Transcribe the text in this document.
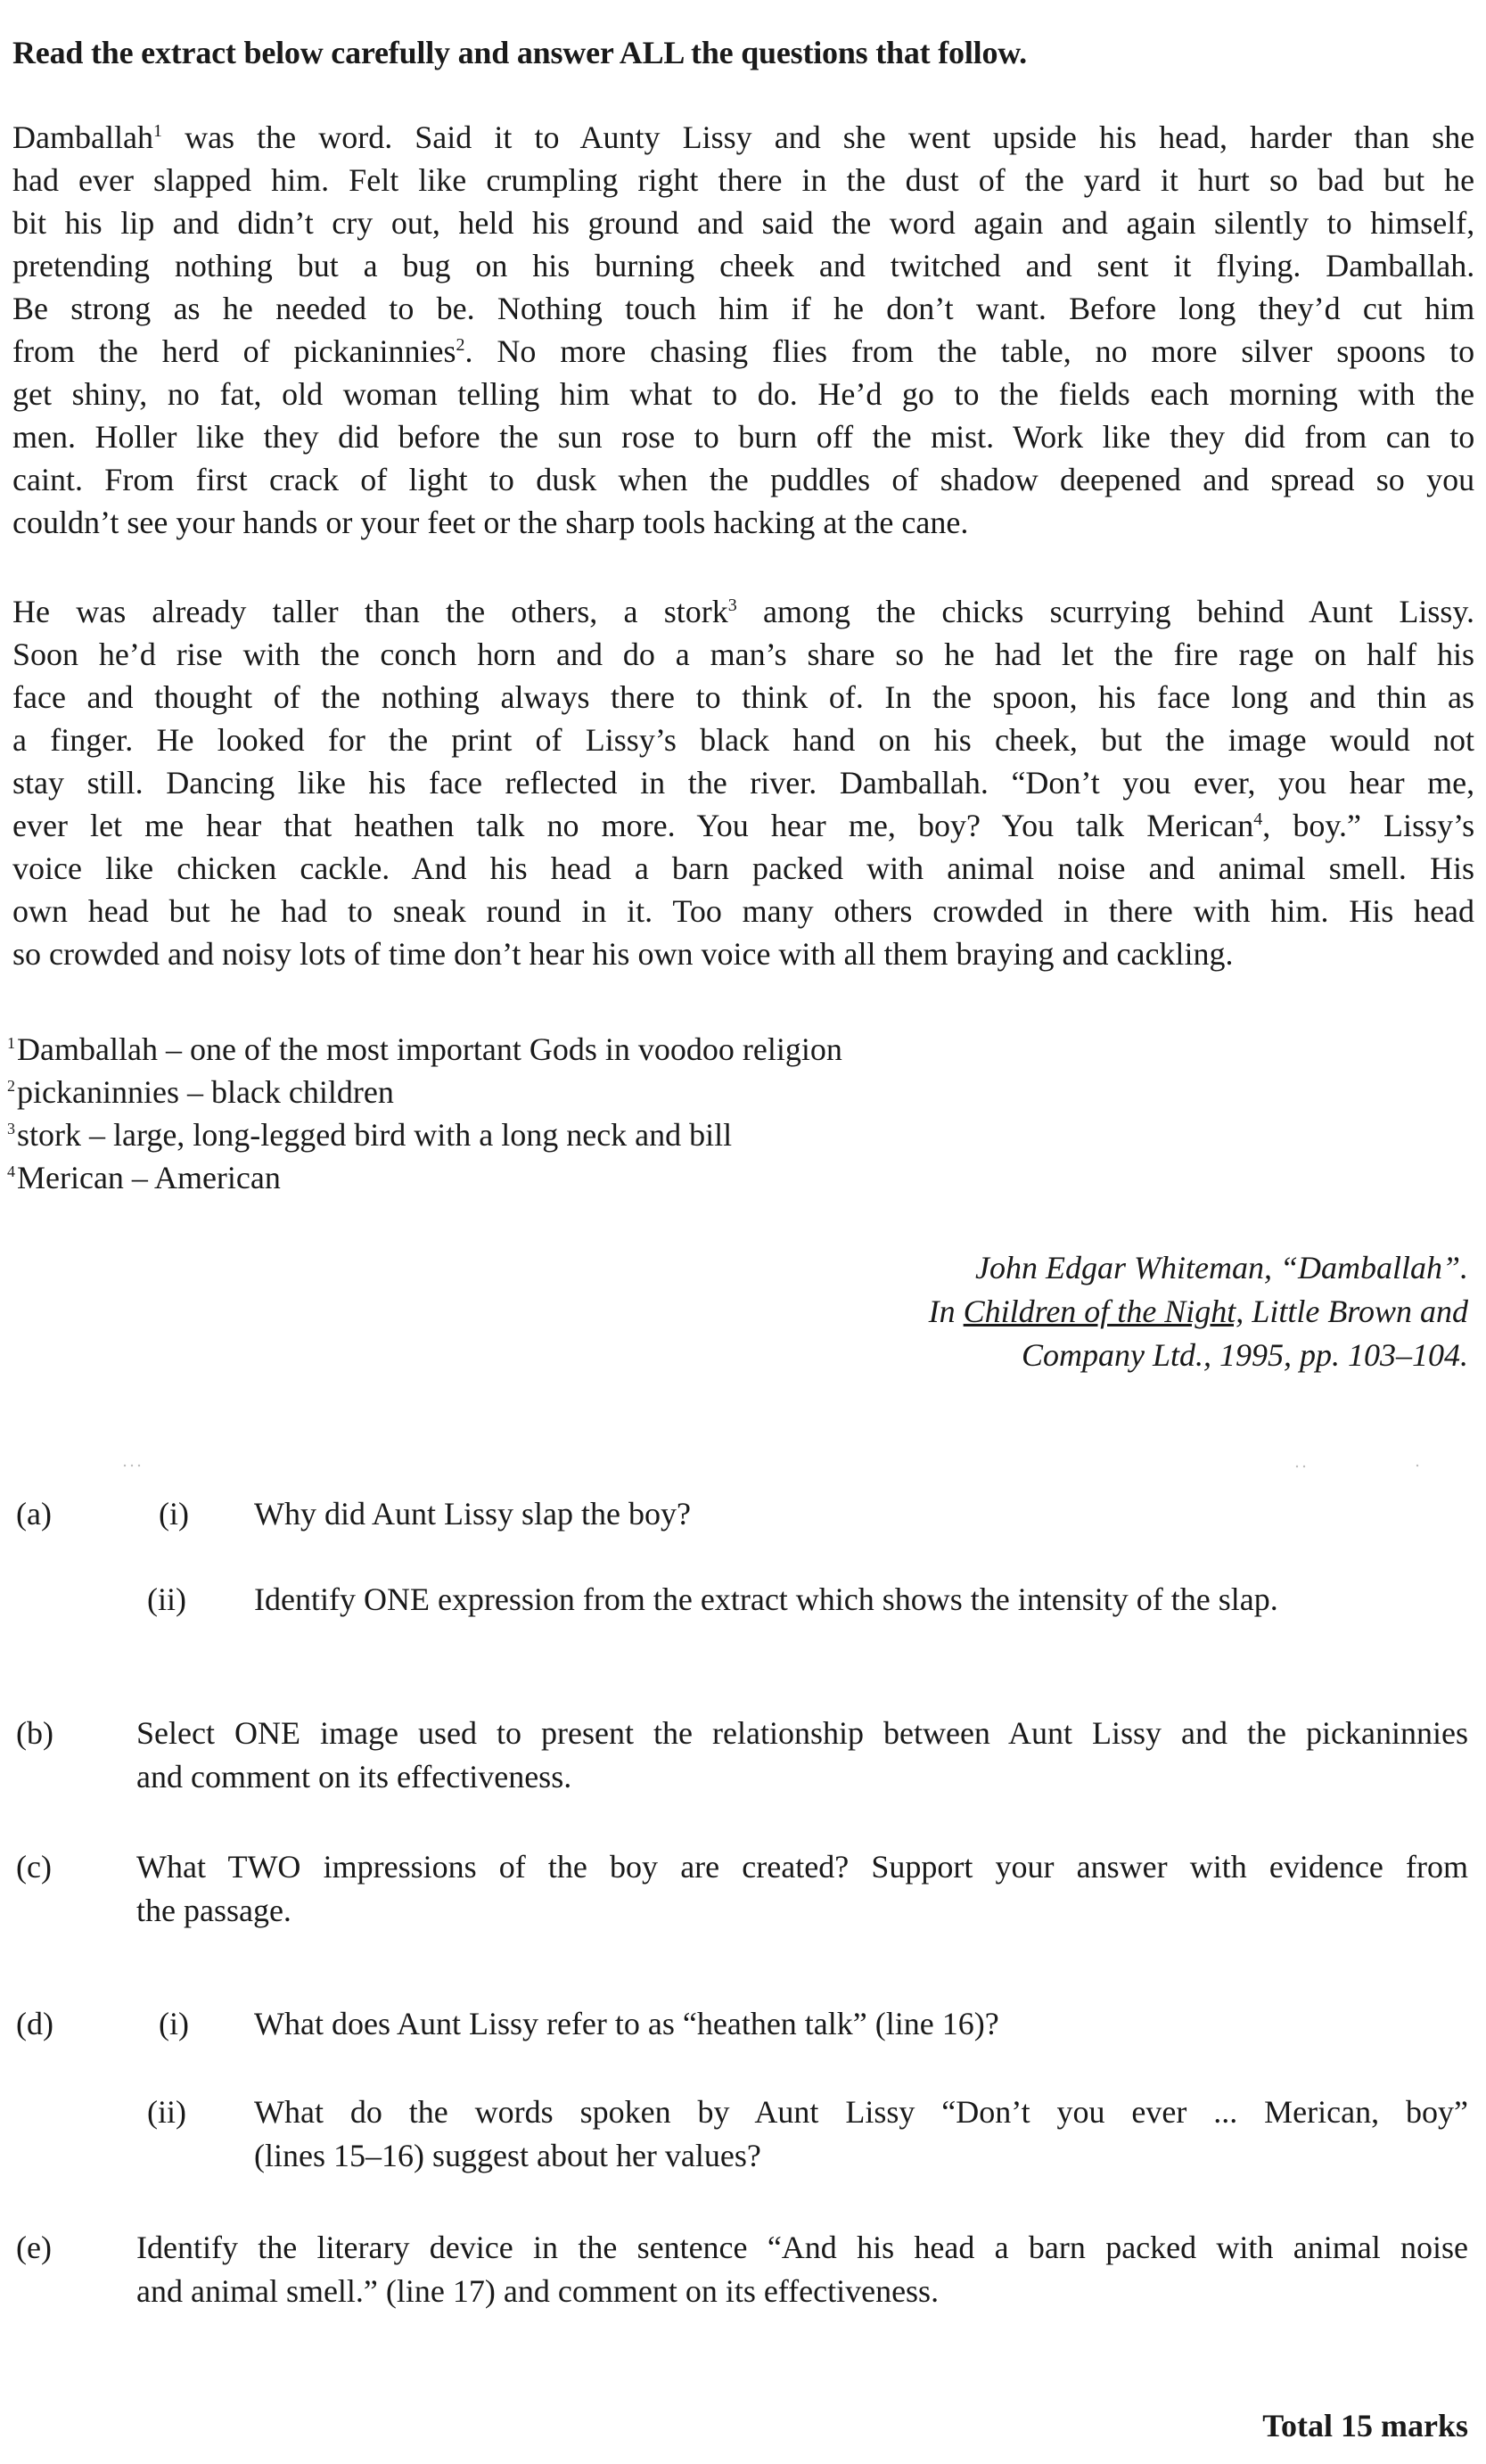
Read the extract below carefully and answer ALL the questions that follow.
Damballah$^1$ was the word. Said it to Aunty Lissy and she went upside his head, harder than she
had ever slapped him. Felt like crumpling right there in the dust of the yard it hurt so bad but he
bit his lip and didn’t cry out, held his ground and said the word again and again silently to himself,
pretending nothing but a bug on his burning cheek and twitched and sent it flying. Damballah.
Be strong as he needed to be. Nothing touch him if he don’t want. Before long they’d cut him
from the herd of pickaninnies$^2$. No more chasing flies from the table, no more silver spoons to
get shiny, no fat, old woman telling him what to do. He’d go to the fields each morning with the
men. Holler like they did before the sun rose to burn off the mist. Work like they did from can to
caint. From first crack of light to dusk when the puddles of shadow deepened and spread so you
couldn’t see your hands or your feet or the sharp tools hacking at the cane.
He was already taller than the others, a stork$^3$ among the chicks scurrying behind Aunt Lissy.
Soon he’d rise with the conch horn and do a man’s share so he had let the fire rage on half his
face and thought of the nothing always there to think of. In the spoon, his face long and thin as
a finger. He looked for the print of Lissy’s black hand on his cheek, but the image would not
stay still. Dancing like his face reflected in the river. Damballah. “Don’t you ever, you hear me,
ever let me hear that heathen talk no more. You hear me, boy? You talk Merican$^4$, boy.” Lissy’s
voice like chicken cackle. And his head a barn packed with animal noise and animal smell. His
own head but he had to sneak round in it. Too many others crowded in there with him. His head
so crowded and noisy lots of time don’t hear his own voice with all them braying and cackling.
$^1$Damballah – one of the most important Gods in voodoo religion
$^2$pickaninnies – black children
$^3$stork – large, long-legged bird with a long neck and bill
$^4$Merican – American
John Edgar Whiteman, “Damballah”.
In Children of the Night, Little Brown and
Company Ltd., 1995, pp. 103–104.
(a)	(i) Why did Aunt Lissy slap the boy?
(ii) Identify ONE expression from the extract which shows the intensity of the slap.
(b)	Select ONE image used to present the relationship between Aunt Lissy and the pickaninnies
and comment on its effectiveness.
(c)	What TWO impressions of the boy are created? Support your answer with evidence from
the passage.
(d)	(i) What does Aunt Lissy refer to as “heathen talk” (line 16)?
(ii) What do the words spoken by Aunt Lissy “Don’t you ever ... Merican, boy”
(lines 15–16) suggest about her values?
(e)	Identify the literary device in the sentence “And his head a barn packed with animal noise
and animal smell.” (line 17) and comment on its effectiveness.
Total 15 marks
